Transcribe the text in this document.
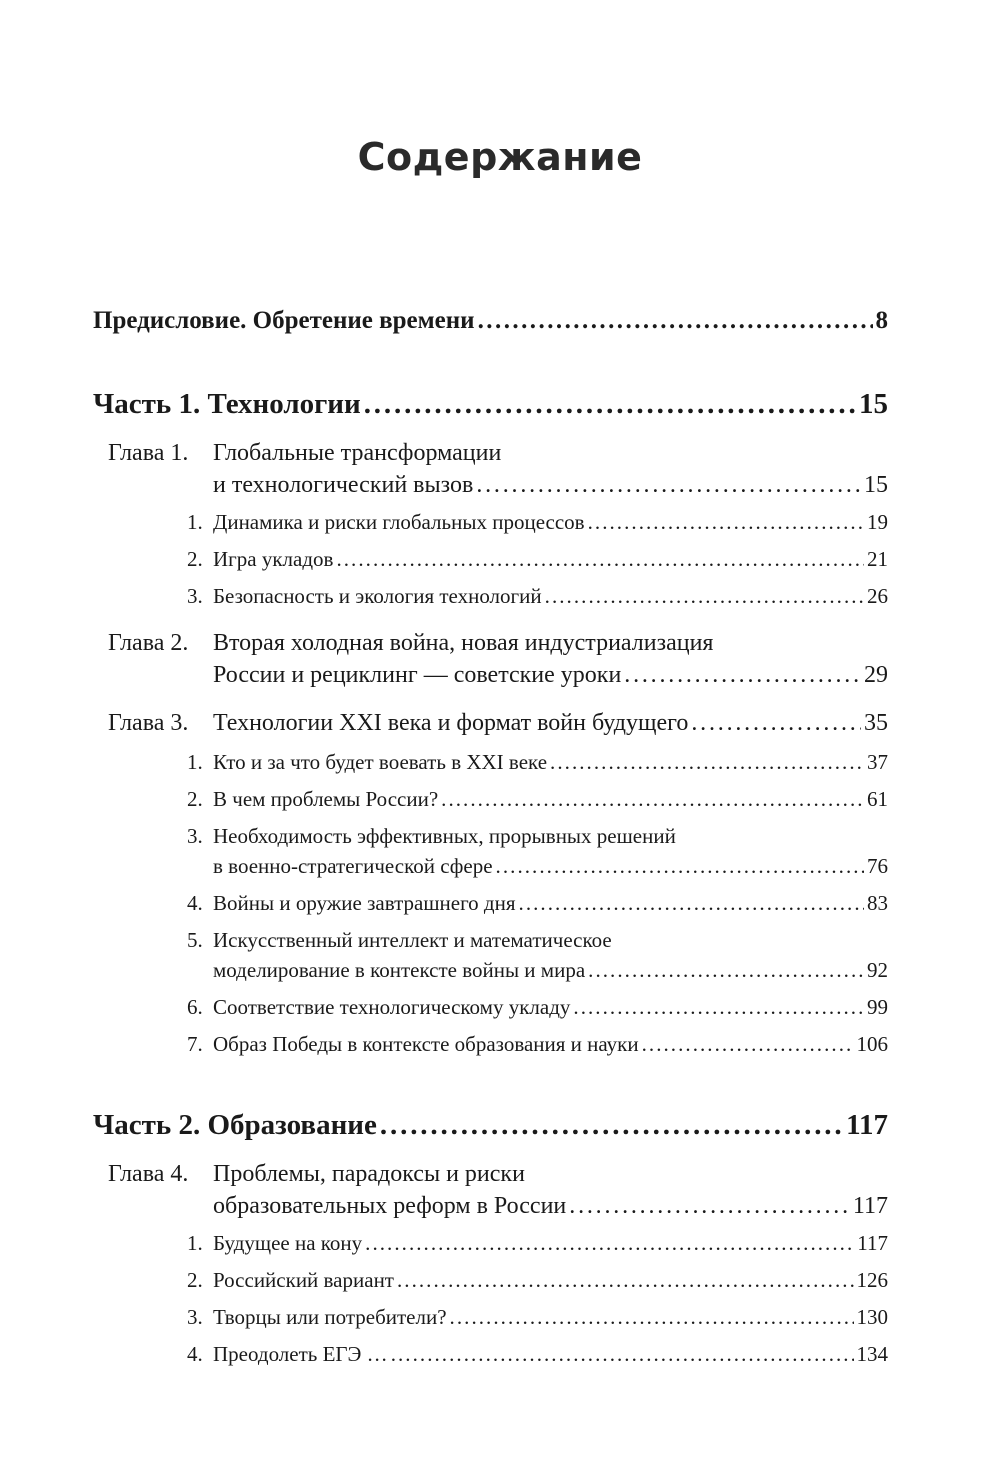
Содержание
Предисловие. Обретение времени . . .	8
Часть 1. Технологии . . .	15
Глава 1. Глобальные трансформации
и технологический вызов . . .	15
1. Динамика и риски глобальных процессов . . .	19
2. Игра укладов . . .	21
3. Безопасность и экология технологий . . .	26
Глава 2. Вторая холодная война, новая индустриализация
России и рециклинг — советские уроки . . .	29
Глава 3.	Технологии XXI века и формат войн будущего . . .	35
1. Кто и за что будет воевать в XXI веке . . .	37
2. В чем проблемы России? . . .	61
3. Необходимость эффективных, прорывных решений
в военно-стратегической сфере . . .	76
4. Войны и оружие завтрашнего дня . . .	83
5. Искусственный интеллект и математическое
моделирование в контексте войны и мира . . .	92
6. Соответствие технологическому укладу . . .	99
7. Образ Победы в контексте образования и науки . . .	106
Часть 2. Образование . . .	117
Глава 4. Проблемы, парадоксы и риски
образовательных реформ в России . . .	117
1. Будущее на кону . . .	117
2. Российский вариант . . .	126
3. Творцы или потребители? . . .	130
4. Преодолеть ЕГЭ … . . .	134
